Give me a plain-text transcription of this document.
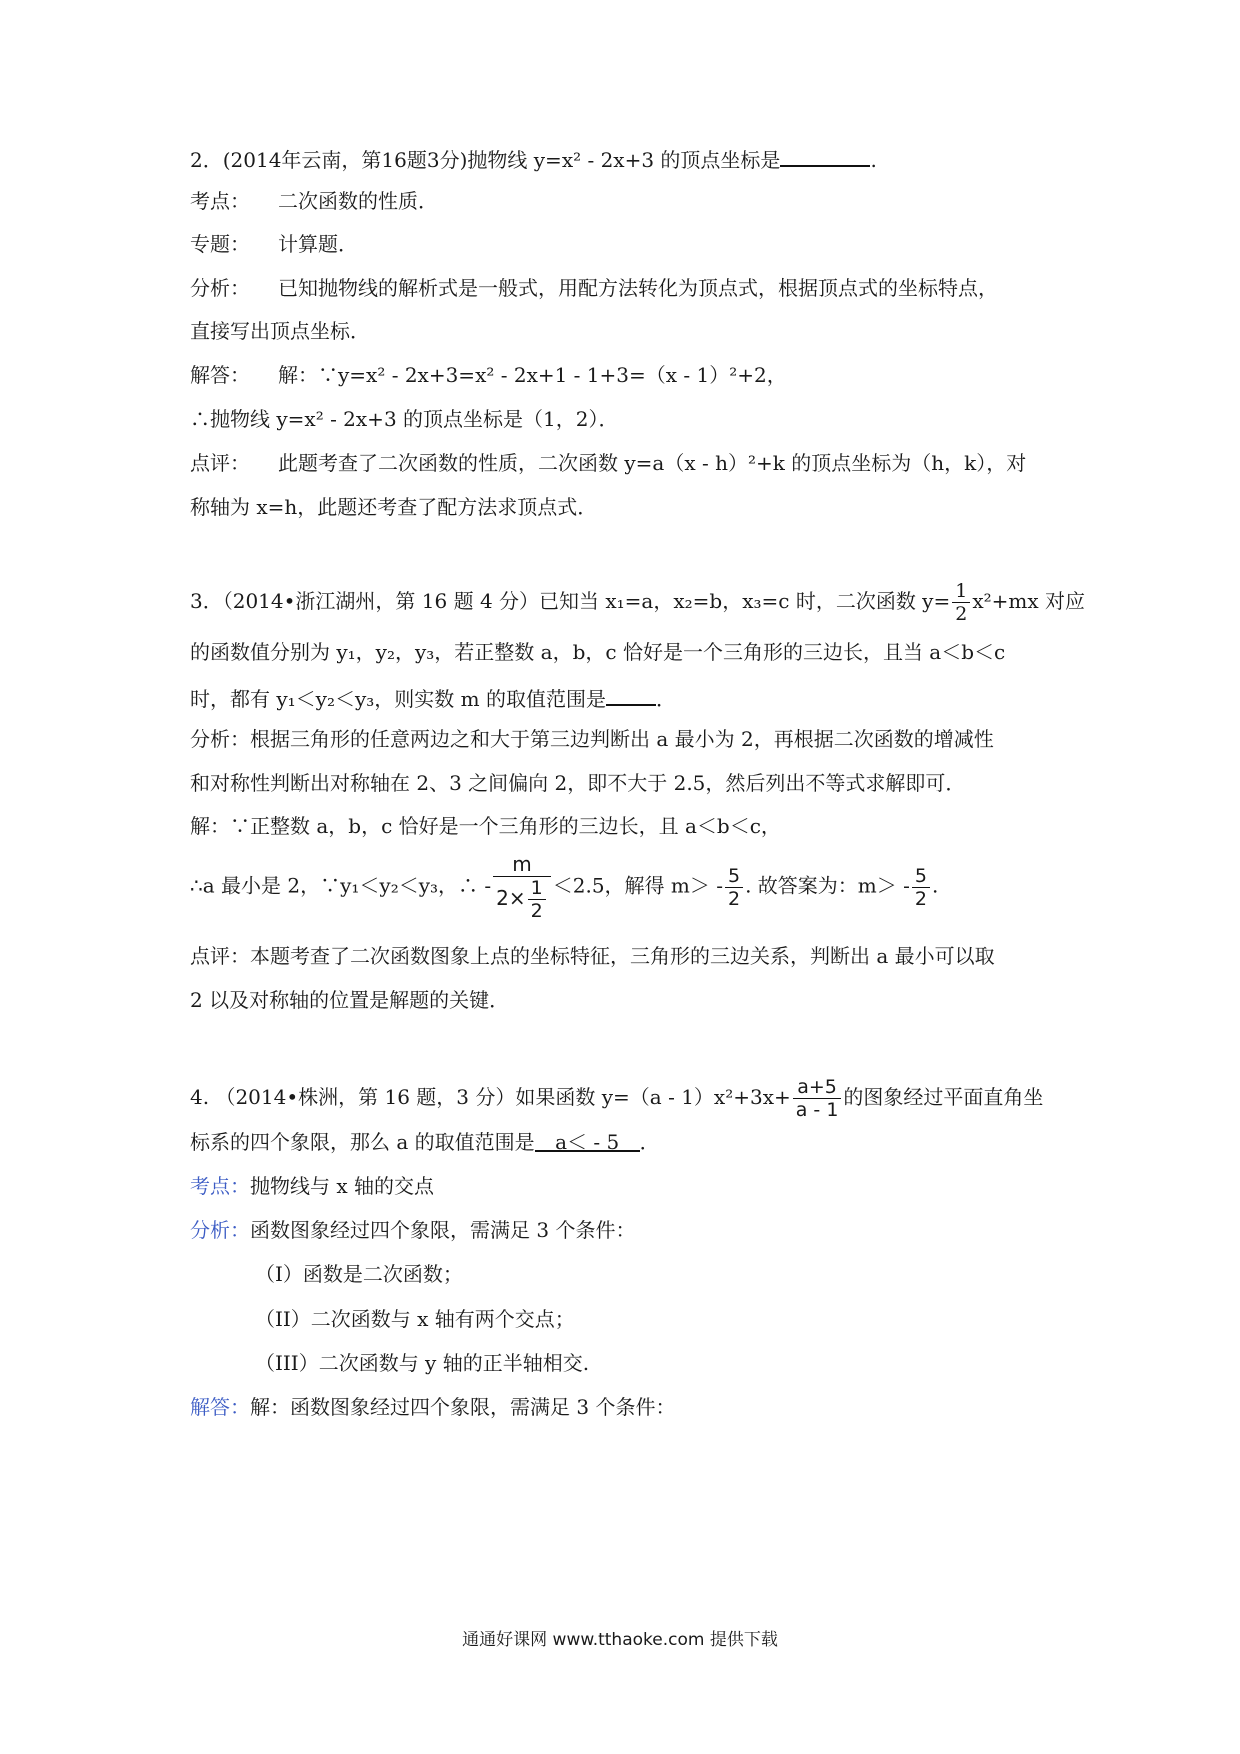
2．(2014年云南，第16题3分)抛物线 y=x² - 2x+3 的顶点坐标是	.
考点： 二次函数的性质．
专题： 计算题．
分析： 已知抛物线的解析式是一般式，用配方法转化为顶点式，根据顶点式的坐标特点，
直接写出顶点坐标．
解答： 解：∵y=x² - 2x+3=x² - 2x+1 - 1+3=（x - 1）²+2，
∴抛物线 y=x² - 2x+3 的顶点坐标是（1，2）．
点评： 此题考查了二次函数的性质，二次函数 y=a（x - h）²+k 的顶点坐标为（h，k），对
称轴为 x=h，此题还考查了配方法求顶点式．
3．（2014•浙江湖州，第 16 题 4 分）已知当 x₁=a，x₂=b，x₃=c 时，二次函数 $y= \frac{1}{2} x^2+mx$ 对应
的函数值分别为 y₁，y₂，y₃，若正整数 a，b，c 恰好是一个三角形的三边长，且当 a＜b＜c
时，都有 y₁＜y₂＜y₃，则实数 m 的取值范围是	．
分析：根据三角形的任意两边之和大于第三边判断出 a 最小为 2，再根据二次函数的增减性
和对称性判断出对称轴在 2、3 之间偏向 2，即不大于 2.5，然后列出不等式求解即可．
解：∵正整数 a，b，c 恰好是一个三角形的三边长，且 a＜b＜c，
∴a 最小是 2，∵y₁＜y₂＜y₃，∴ - $\frac{m}{2\times \frac{1}{2}} <2.5$，解得 $m> - \frac{5}{2}$ . 故答案为：$m> - \frac{5}{2}$ .
点评：本题考查了二次函数图象上点的坐标特征，三角形的三边关系，判断出 a 最小可以取
2 以及对称轴的位置是解题的关键．
4. （2014•株洲，第 16 题，3 分）如果函数 $y=(a - 1)x^2+3x+ \frac{a+5}{a - 1}$ 的图象经过平面直角坐
标系的四个象限，那么 a 的取值范围是 a＜ - 5 ．
考点：抛物线与 x 轴的交点
分析：函数图象经过四个象限，需满足 3 个条件：
（I）函数是二次函数；
（II）二次函数与 x 轴有两个交点；
（III）二次函数与 y 轴的正半轴相交.
解答：解：函数图象经过四个象限，需满足 3 个条件：
通通好课网 www.tthaoke.com 提供下载
